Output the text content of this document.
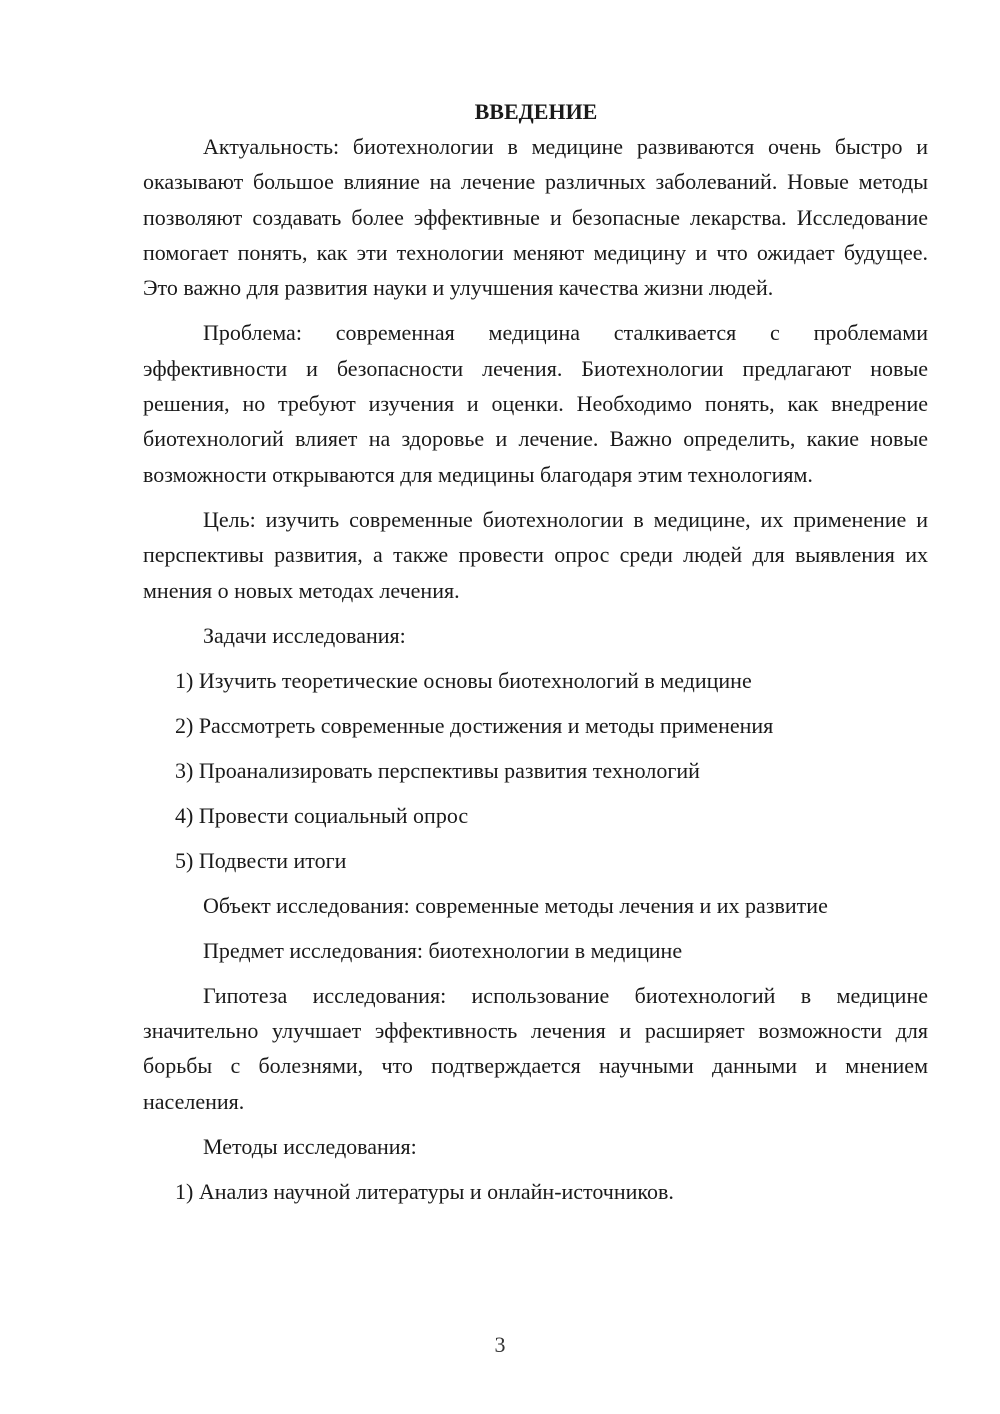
ВВЕДЕНИЕ

Актуальность: биотехнологии в медицине развиваются очень быстро и оказывают большое влияние на лечение различных заболеваний. Новые методы позволяют создавать более эффективные и безопасные лекарства. Исследование помогает понять, как эти технологии меняют медицину и что ожидает будущее. Это важно для развития науки и улучшения качества жизни людей.

Проблема: современная медицина сталкивается с проблемами эффективности и безопасности лечения. Биотехнологии предлагают новые решения, но требуют изучения и оценки. Необходимо понять, как внедрение биотехнологий влияет на здоровье и лечение. Важно определить, какие новые возможности открываются для медицины благодаря этим технологиям.

Цель: изучить современные биотехнологии в медицине, их применение и перспективы развития, а также провести опрос среди людей для выявления их мнения о новых методах лечения.

Задачи исследования:

1) Изучить теоретические основы биотехнологий в медицине
2) Рассмотреть современные достижения и методы применения
3) Проанализировать перспективы развития технологий
4) Провести социальный опрос
5) Подвести итоги

Объект исследования: современные методы лечения и их развитие

Предмет исследования: биотехнологии в медицине

Гипотеза исследования: использование биотехнологий в медицине значительно улучшает эффективность лечения и расширяет возможности для борьбы с болезнями, что подтверждается научными данными и мнением населения.

Методы исследования:

1) Анализ научной литературы и онлайн-источников.
3
